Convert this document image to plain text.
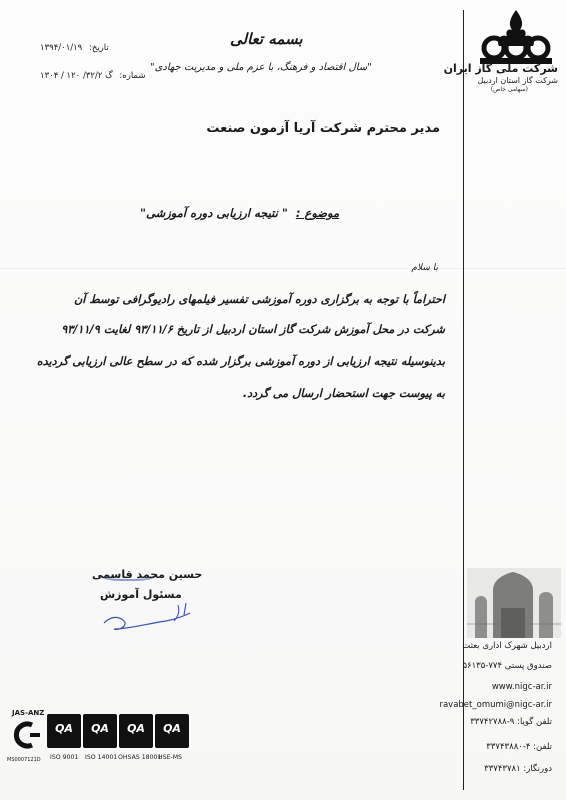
شرکت ملی گاز ایران
شرکت گاز استان اردبیل
(سهامی خاص)
بسمه تعالی
"سال اقتصاد و فرهنگ، با عزم ملی و مدیریت جهادی"
تاریخ: ۱۳۹۴/۰۱/۱۹
شماره: گ ۳۲/۲/ ۱۲۰ / ۱۳۰۴
مدیر محترم شرکت آریا آزمون صنعت
موضوع : " نتیجه ارزیابی دوره آموزشی"
با سلام
احتراماً با توجه به برگزاری دوره آموزشی تفسیر فیلمهای رادیوگرافی توسط آن
شرکت در محل آموزش شرکت گاز استان اردبیل از تاریخ ۹۳/۱۱/۶ لغایت ۹۳/۱۱/۹
بدینوسیله نتیجه ارزیابی از دوره آموزشی برگزار شده که در سطح عالی ارزیابی گردیده
به پیوست جهت استحضار ارسال می گردد.
حسین محمد قاسمی
مسئول آموزش
اردبیل شهرک اداری بعثت
صندوق پستی ۷۷۴-۵۶۱۳۵
www.nigc-ar.ir
ravabet_omumi@nigc-ar.ir
تلفن گویا: ۹-۳۳۷۴۲۷۸۸
تلفن: ۴-۳۳۷۴۳۸۸۰
دورنگار: ۳۳۷۴۳۷۸۱
JAS-ANZ
MS0007121D
QA	QA	QA	QA
ISO 9001 ISO 14001 OHSAS 18001
HSE-MS
